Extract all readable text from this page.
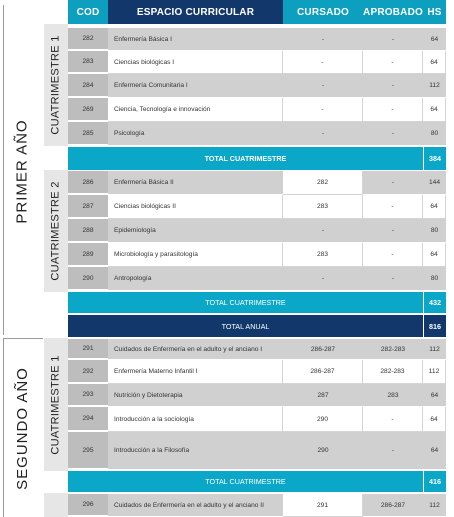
COD	ESPACIO CURRICULAR	CURSADO	APROBADO HS
PRIMER AÑO
SEGUNDO AÑO
CUATRIMESTRE 1
CUATRIMESTRE 2
CUATRIMESTRE 1
282	Enfermería Básica I	-	-	64
283	Ciencias biológicas I	-	-	64
284	Enfermería Comunitaria I	-	-	112
269	Ciencia, Tecnología e innovación	-	-	64
285	Psicología	-	-	80
TOTAL CUATRIMESTRE	384
286	Enfermería Básica II	282	-	144
287	Ciencias biológicas II	283	-	64
288	Epidemiología	-	-	80
289	Microbiología y parasitología	283	-	64
290	Antropología	-	-	80
TOTAL CUATRIMESTRE	432
TOTAL ANUAL	816
291	Cuidados de Enfermería en el adulto y el anciano I	286-287	282-283	112
292	Enfermería Materno Infantil I	286-287	282-283	112
293	Nutrición y Dietoterapia	287	283	64
294	Introducción a la sociología	290	-	64
295	Introducción a la Filosofía	290	-	64
TOTAL CUATRIMESTRE	416
296	Cuidados de Enfermería en el adulto y el anciano II	291	286-287	112
